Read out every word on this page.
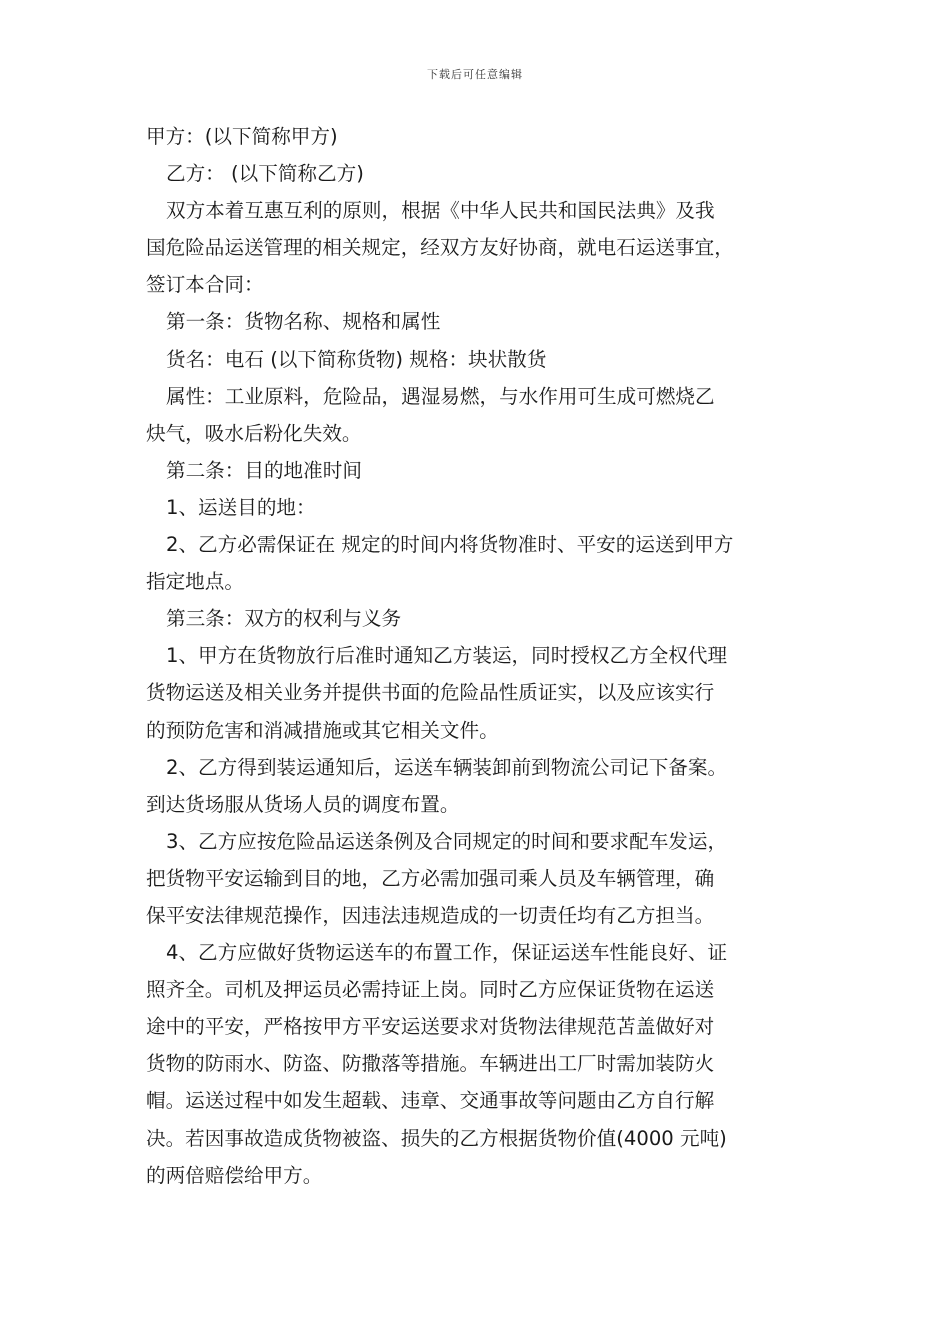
下载后可任意编辑
甲方：(以下简称甲方)
乙方： (以下简称乙方)
双方本着互惠互利的原则，根据《中华人民共和国民法典》及我
国危险品运送管理的相关规定，经双方友好协商，就电石运送事宜，
签订本合同：
第一条：货物名称、规格和属性
货名：电石 (以下简称货物) 规格：块状散货
属性：工业原料，危险品，遇湿易燃，与水作用可生成可燃烧乙
炔气，吸水后粉化失效。
第二条：目的地准时间
1、运送目的地：
2、乙方必需保证在 规定的时间内将货物准时、平安的运送到甲方
指定地点。
第三条：双方的权利与义务
1、甲方在货物放行后准时通知乙方装运，同时授权乙方全权代理
货物运送及相关业务并提供书面的危险品性质证实，以及应该实行
的预防危害和消减措施或其它相关文件。
2、乙方得到装运通知后，运送车辆装卸前到物流公司记下备案。
到达货场服从货场人员的调度布置。
3、乙方应按危险品运送条例及合同规定的时间和要求配车发运，
把货物平安运输到目的地，乙方必需加强司乘人员及车辆管理，确
保平安法律规范操作，因违法违规造成的一切责任均有乙方担当。
4、乙方应做好货物运送车的布置工作，保证运送车性能良好、证
照齐全。司机及押运员必需持证上岗。同时乙方应保证货物在运送
途中的平安，严格按甲方平安运送要求对货物法律规范苫盖做好对
货物的防雨水、防盗、防撒落等措施。车辆进出工厂时需加装防火
帽。运送过程中如发生超载、违章、交通事故等问题由乙方自行解
决。若因事故造成货物被盗、损失的乙方根据货物价值(4000 元吨)
的两倍赔偿给甲方。
